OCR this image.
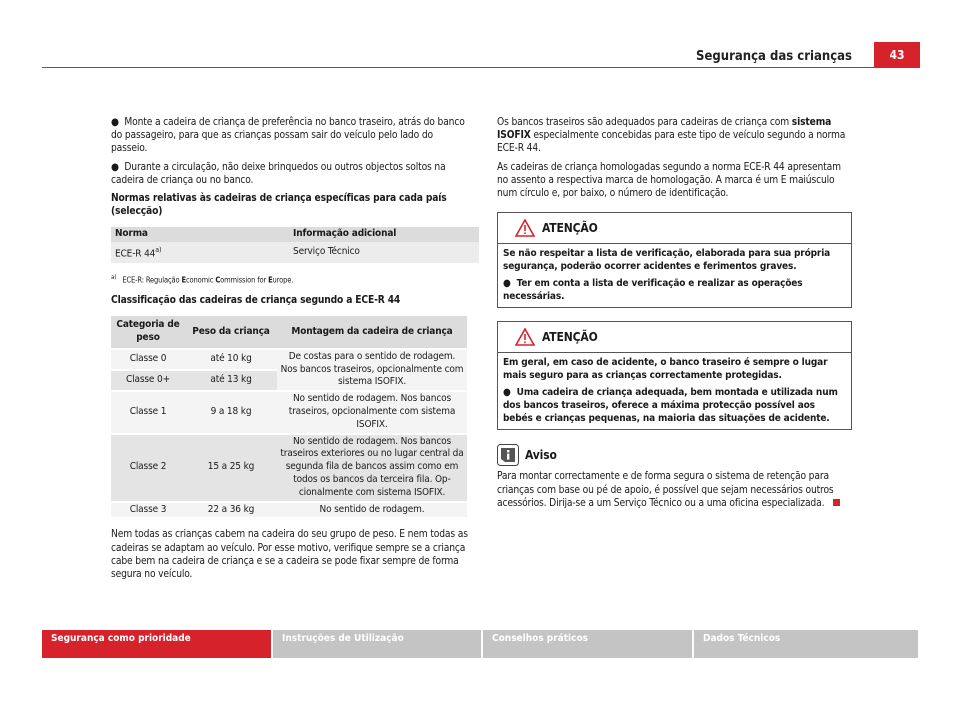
Segurança das crianças	43

●  Monte a cadeira de criança de preferência no banco traseiro, atrás do banco do passageiro, para que as crianças possam sair do veículo pelo lado do passeio.

●  Durante a circulação, não deixe brinquedos ou outros objectos soltos na cadeira de criança ou no banco.

Normas relativas às cadeiras de criança específicas para cada país (selecção)

Norma	Informação adicional
ECE-R 44$^{a)}$	Serviço Técnico
$^{a)}$ ECE-R: Regulação Economic Commission for Europe.

Classificação das cadeiras de criança segundo a ECE-R 44

Categoria de peso	Peso da criança	Montagem da cadeira de criança
Classe 0	até 10 kg	De costas para o sentido de rodagem. Nos bancos traseiros, opcionalmente com sistema ISOFIX.
Classe 0+	até 13 kg	
Classe 1	9 a 18 kg	No sentido de rodagem. Nos bancos traseiros, opcionalmente com sistema ISOFIX.
Classe 2	15 a 25 kg	No sentido de rodagem. Nos bancos traseiros exteriores ou no lugar central da segunda fila de bancos assim como em todos os bancos da terceira fila. Opcionalmente com sistema ISOFIX.
Classe 3	22 a 36 kg	No sentido de rodagem.

Nem todas as crianças cabem na cadeira do seu grupo de peso. E nem todas as cadeiras se adaptam ao veículo. Por esse motivo, verifique sempre se a criança cabe bem na cadeira de criança e se a cadeira se pode fixar sempre de forma segura no veículo.

Os bancos traseiros são adequados para cadeiras de criança com sistema ISOFIX especialmente concebidas para este tipo de veículo segundo a norma ECE-R 44.

As cadeiras de criança homologadas segundo a norma ECE-R 44 apresentam no assento a respectiva marca de homologação. A marca é um E maiúsculo num círculo e, por baixo, o número de identificação.

ATENÇÃO

Se não respeitar a lista de verificação, elaborada para sua própria segurança, poderão ocorrer acidentes e ferimentos graves.

●  Ter em conta a lista de verificação e realizar as operações necessárias.

ATENÇÃO

Em geral, em caso de acidente, o banco traseiro é sempre o lugar mais seguro para as crianças correctamente protegidas.

●  Uma cadeira de criança adequada, bem montada e utilizada num dos bancos traseiros, oferece a máxima protecção possível aos bebés e crianças pequenas, na maioria das situações de acidente.

Aviso

Para montar correctamente e de forma segura o sistema de retenção para crianças com base ou pé de apoio, é possível que sejam necessários outros acessórios. Dirija-se a um Serviço Técnico ou a uma oficina especializada.

Segurança como prioridade	Instruções de Utilização	Conselhos práticos	Dados Técnicos
